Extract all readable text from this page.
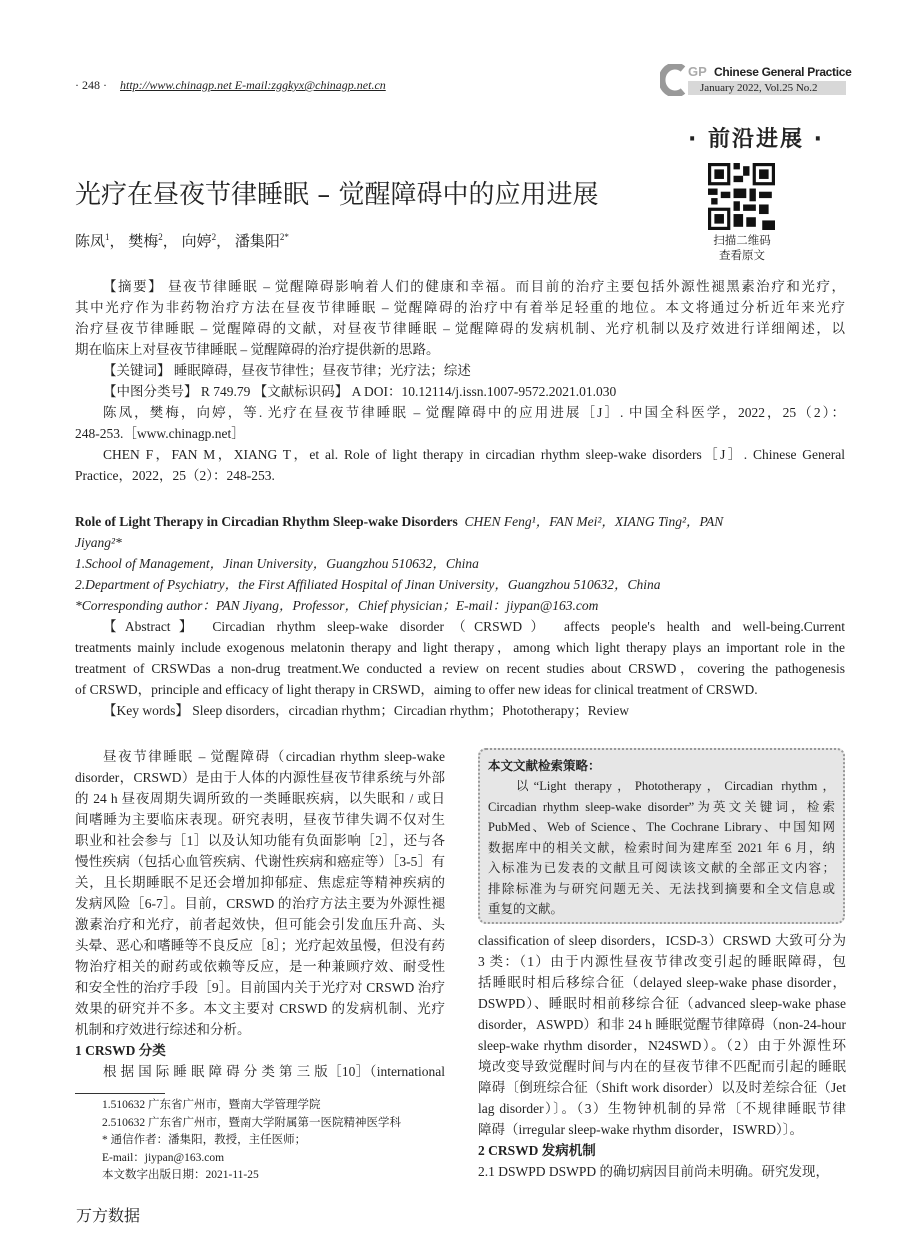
· 248 · http://www.chinagp.net E-mail:zggkyx@chinagp.net.cn
GP Chinese General Practice
January 2022, Vol.25 No.2
· 前沿进展 ·
光疗在昼夜节律睡眠 – 觉醒障碍中的应用进展
陈凤$^1$， 樊梅$^2$， 向婷$^2$， 潘集阳$^{2*}$	扫描二维码
查看原文
【摘要】 昼夜节律睡眠 – 觉醒障碍影响着人们的健康和幸福。而目前的治疗主要包括外源性褪黑素治疗和光疗，
其中光疗作为非药物治疗方法在昼夜节律睡眠 – 觉醒障碍的治疗中有着举足轻重的地位。本文将通过分析近年来光疗
治疗昼夜节律睡眠 – 觉醒障碍的文献，对昼夜节律睡眠 – 觉醒障碍的发病机制、光疗机制以及疗效进行详细阐述，以
期在临床上对昼夜节律睡眠 – 觉醒障碍的治疗提供新的思路。
【关键词】 睡眠障碍，昼夜节律性；昼夜节律；光疗法；综述
【中图分类号】 R 749.79 【文献标识码】 A DOI：10.12114/j.issn.1007-9572.2021.01.030
陈凤，樊梅，向婷，等. 光疗在昼夜节律睡眠 – 觉醒障碍中的应用进展［J］. 中国全科医学，2022，25（2）：
248-253.［www.chinagp.net］
CHEN F，FAN M，XIANG T，et al. Role of light therapy in circadian rhythm sleep-wake disorders［J］. Chinese General
Practice，2022，25（2）：248-253.
Role of Light Therapy in Circadian Rhythm Sleep-wake Disorders CHEN Feng¹，FAN Mei²，XIANG Ting²，PAN
Jiyang²*
1.School of Management，Jinan University，Guangzhou 510632，China
2.Department of Psychiatry，the First Affiliated Hospital of Jinan University，Guangzhou 510632，China
*Corresponding author：PAN Jiyang，Professor，Chief physician；E-mail：jiypan@163.com
【Abstract】 Circadian rhythm sleep-wake disorder（CRSWD） affects people's health and well-being.Current
treatments mainly include exogenous melatonin therapy and light therapy，among which light therapy plays an important role in the
treatment of CRSWDas a non-drug treatment.We conducted a review on recent studies about CRSWD，covering the pathogenesis
of CRSWD，principle and efficacy of light therapy in CRSWD，aiming to offer new ideas for clinical treatment of CRSWD.
【Key words】 Sleep disorders，circadian rhythm；Circadian rhythm；Phototherapy；Review
昼夜节律睡眠 – 觉醒障碍（circadian rhythm sleep-wake
disorder，CRSWD）是由于人体的内源性昼夜节律系统与外部
的 24 h 昼夜周期失调所致的一类睡眠疾病，以失眠和 / 或日
间嗜睡为主要临床表现。研究表明，昼夜节律失调不仅对生
职业和社会参与［1］以及认知功能有负面影响［2］，还与各
慢性疾病（包括心血管疾病、代谢性疾病和癌症等）［3-5］有
关，且长期睡眠不足还会增加抑郁症、焦虑症等精神疾病的
发病风险［6-7］。目前，CRSWD 的治疗方法主要为外源性褪
激素治疗和光疗，前者起效快，但可能会引发血压升高、头
头晕、恶心和嗜睡等不良反应［8］；光疗起效虽慢，但没有药
物治疗相关的耐药或依赖等反应，是一种兼顾疗效、耐受性
和安全性的治疗手段［9］。目前国内关于光疗对 CRSWD 治疗
效果的研究并不多。本文主要对 CRSWD 的发病机制、光疗
机制和疗效进行综述和分析。
1 CRSWD 分类
根 据 国 际 睡 眠 障 碍 分 类 第 三 版［10］（international
本文文献检索策略：
以“Light therapy，Phototherapy，Circadian rhythm，
Circadian rhythm sleep-wake disorder”为英文关键词，检索
PubMed、Web of Science、The Cochrane Library、中国知网
数据库中的相关文献，检索时间为建库至 2021 年 6 月，纳
入标准为已发表的文献且可阅读该文献的全部正文内容；
排除标准为与研究问题无关、无法找到摘要和全文信息或
重复的文献。
classification of sleep disorders，ICSD-3）CRSWD 大致可分为
3 类：（1）由于内源性昼夜节律改变引起的睡眠障碍，包
括睡眠时相后移综合征（delayed sleep-wake phase disorder，
DSWPD）、睡眠时相前移综合征（advanced sleep-wake phase
disorder，ASWPD）和非 24 h 睡眠觉醒节律障碍（non-24-hour
sleep-wake rhythm disorder，N24SWD）。（2）由于外源性环
境改变导致觉醒时间与内在的昼夜节律不匹配而引起的睡眠
障碍〔倒班综合征（Shift work disorder）以及时差综合征（Jet
lag disorder）〕。（3）生物钟机制的异常〔不规律睡眠节律
障碍（irregular sleep-wake rhythm disorder，ISWRD）〕。
2 CRSWD 发病机制
2.1 DSWPD DSWPD 的确切病因目前尚未明确。研究发现，
1.510632 广东省广州市，暨南大学管理学院
2.510632 广东省广州市，暨南大学附属第一医院精神医学科
* 通信作者：潘集阳，教授，主任医师；
E-mail：jiypan@163.com
本文数字出版日期：2021-11-25
万方数据
